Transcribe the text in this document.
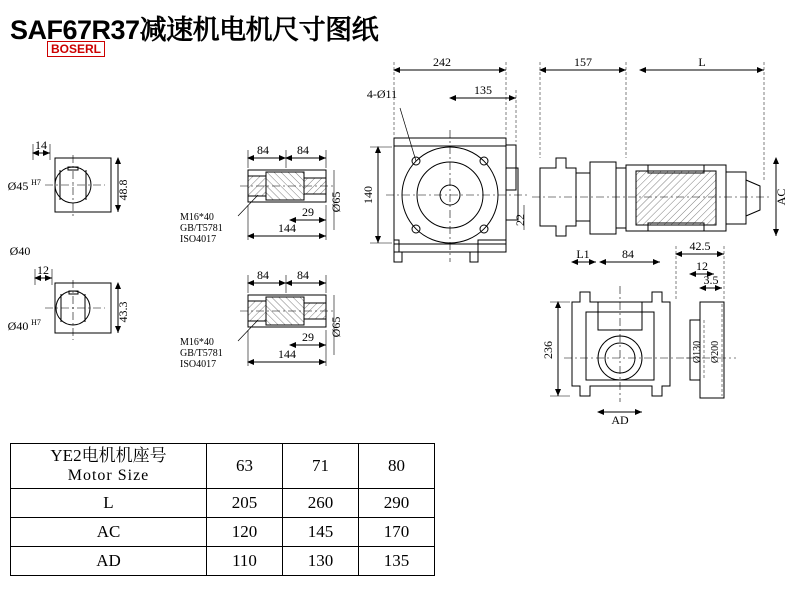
SAF67R37减速机电机尺寸图纸
BOSERL
242	157	L
4-Ø11	135
140
22
AC
L1	84
42.5
12
3.5
236	Ø130 Ø200
AD
14
Ø45 H7	48.8
Ø40
12
Ø40 H7	43.3
84 84
29
144
Ø65
M16*40
GB/T5781
ISO4017
84 84
29
144
Ø65
M16*40
GB/T5781
ISO4017
YE2电机机座号
Motor Size	63	71	80
L	205	260	290
AC	120	145	170
AD	110	130	135
